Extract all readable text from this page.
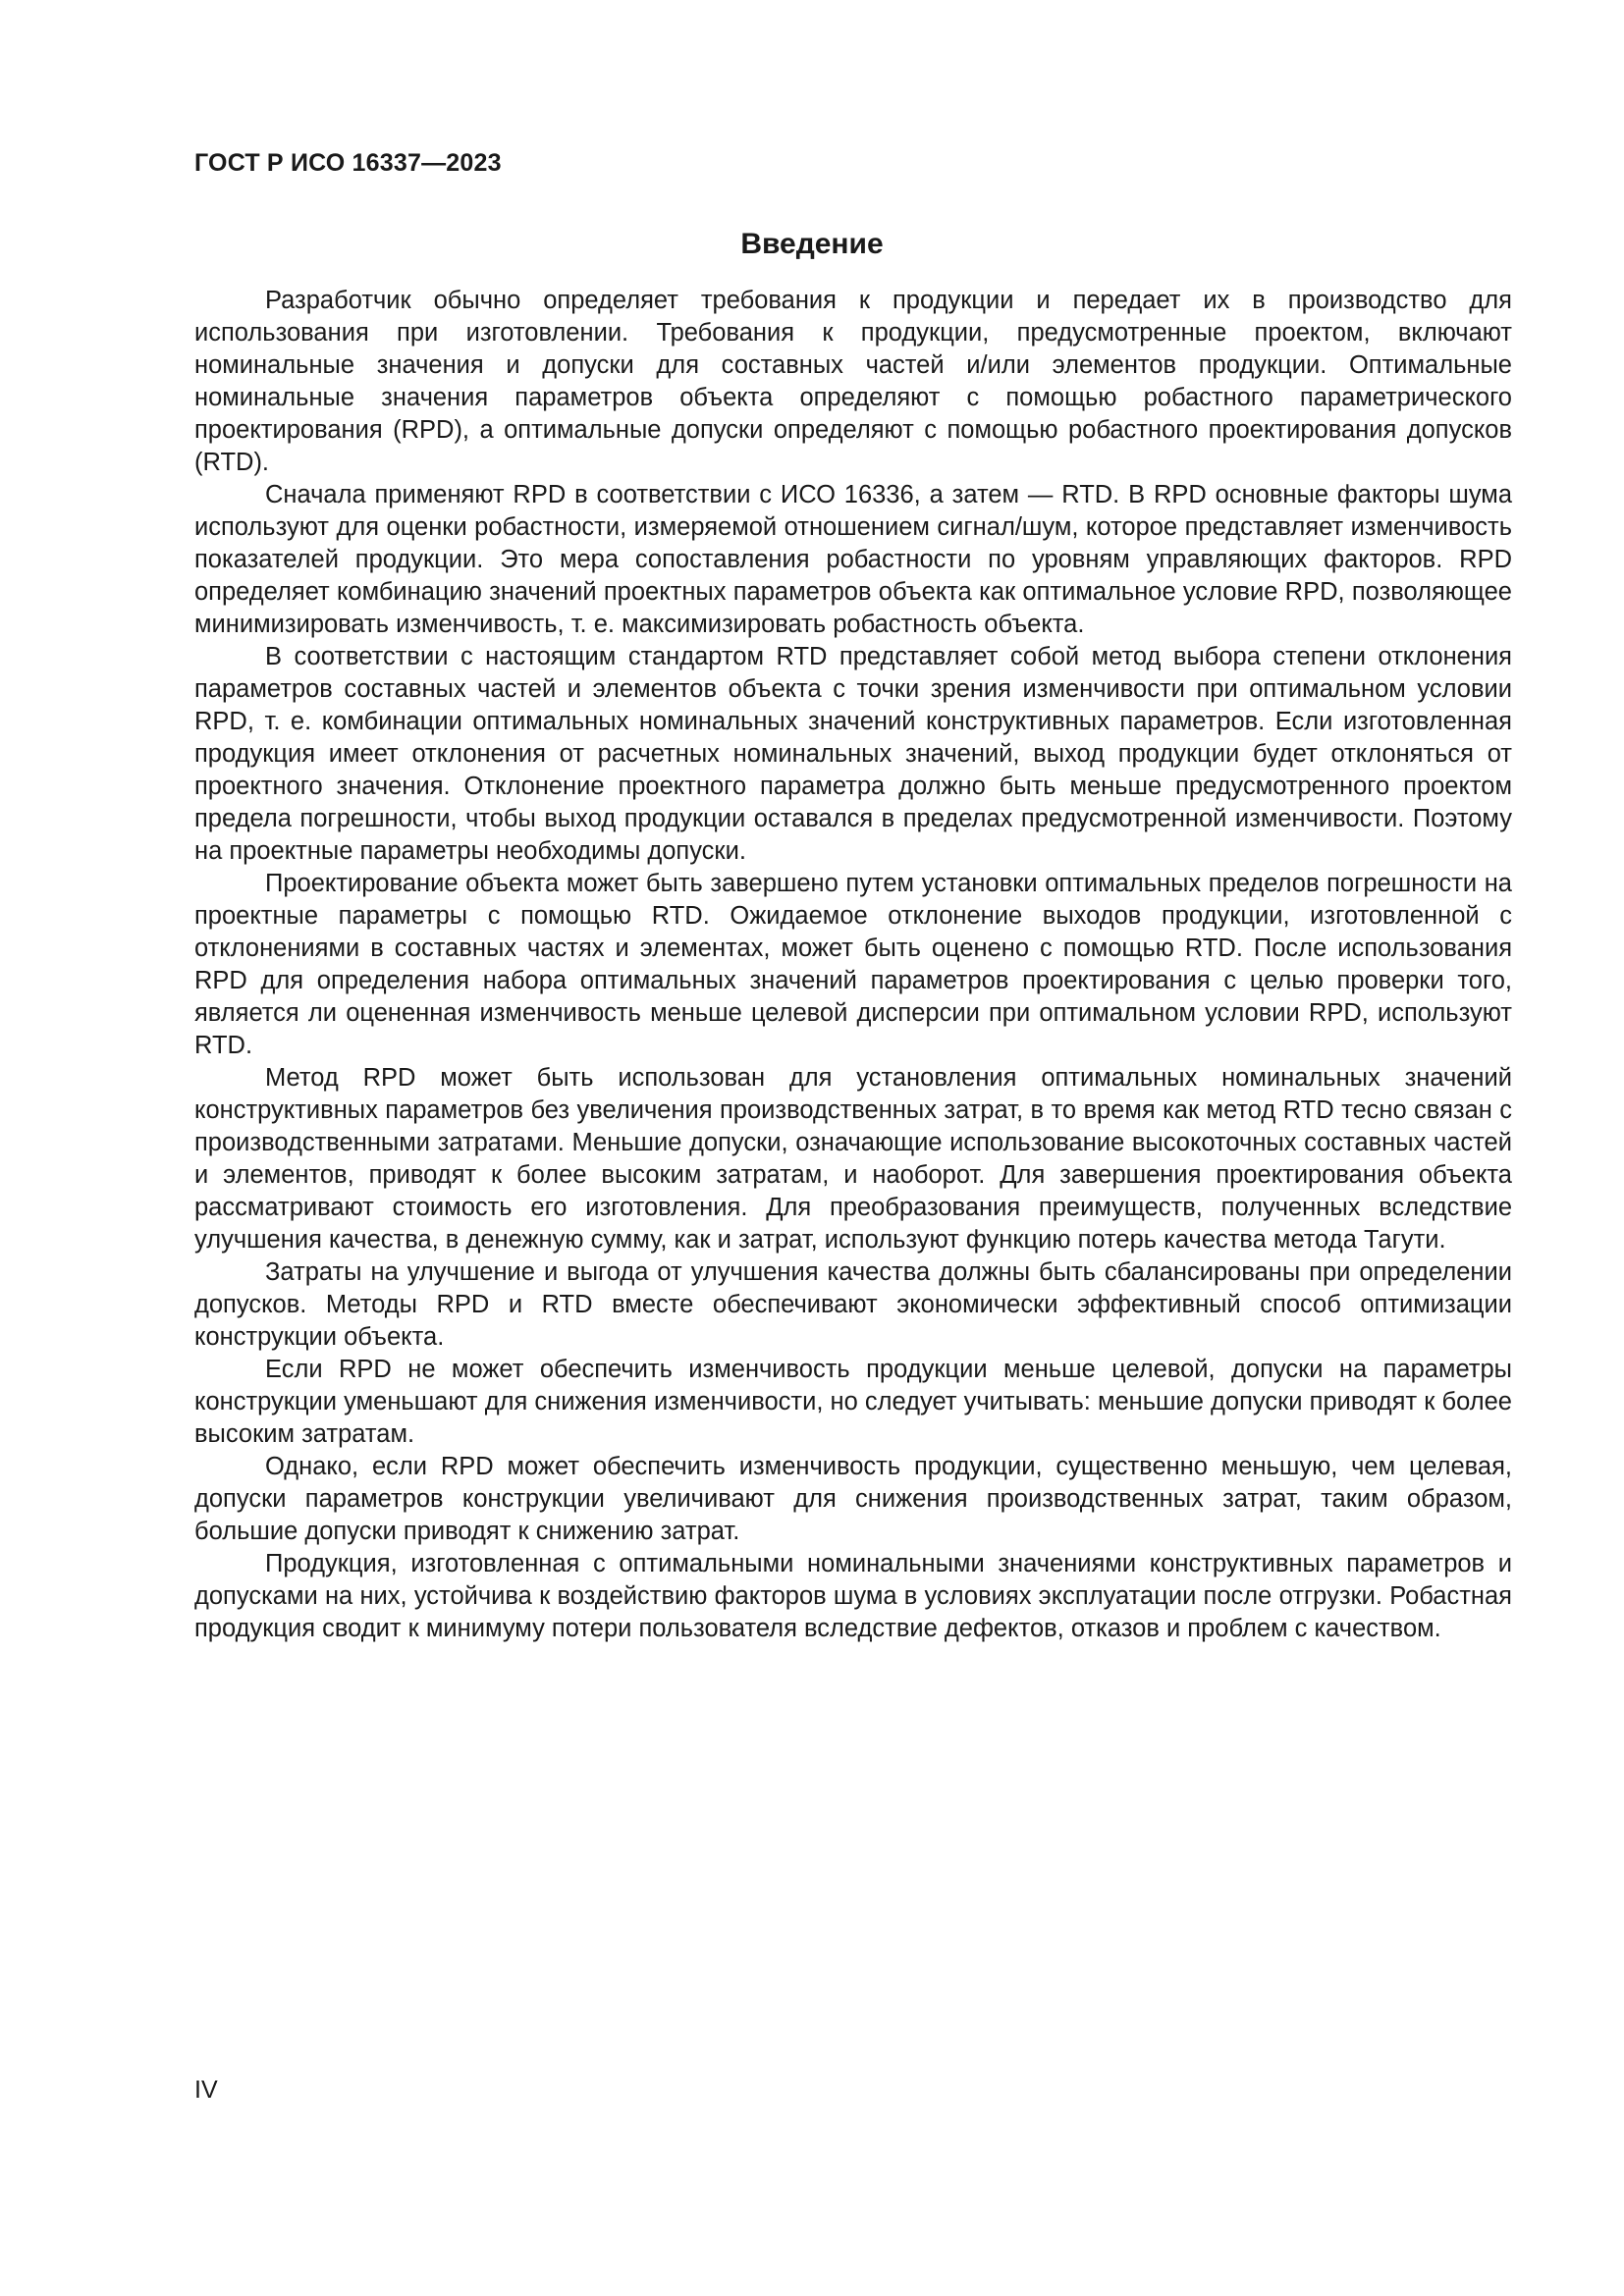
ГОСТ Р ИСО 16337—2023
Введение

Разработчик обычно определяет требования к продукции и передает их в производство для использования при изготовлении. Требования к продукции, предусмотренные проектом, включают номинальные значения и допуски для составных частей и/или элементов продукции. Оптимальные номинальные значения параметров объекта определяют с помощью робастного параметрического проектирования (RPD), а оптимальные допуски определяют с помощью робастного проектирования допусков (RTD).

Сначала применяют RPD в соответствии с ИСО 16336, а затем — RTD. В RPD основные факторы шума используют для оценки робастности, измеряемой отношением сигнал/шум, которое представляет изменчивость показателей продукции. Это мера сопоставления робастности по уровням управляющих факторов. RPD определяет комбинацию значений проектных параметров объекта как оптимальное условие RPD, позволяющее минимизировать изменчивость, т. е. максимизировать робастность объекта.

В соответствии с настоящим стандартом RTD представляет собой метод выбора степени отклонения параметров составных частей и элементов объекта с точки зрения изменчивости при оптимальном условии RPD, т. е. комбинации оптимальных номинальных значений конструктивных параметров. Если изготовленная продукция имеет отклонения от расчетных номинальных значений, выход продукции будет отклоняться от проектного значения. Отклонение проектного параметра должно быть меньше предусмотренного проектом предела погрешности, чтобы выход продукции оставался в пределах предусмотренной изменчивости. Поэтому на проектные параметры необходимы допуски.

Проектирование объекта может быть завершено путем установки оптимальных пределов погрешности на проектные параметры с помощью RTD. Ожидаемое отклонение выходов продукции, изготовленной с отклонениями в составных частях и элементах, может быть оценено с помощью RTD. После использования RPD для определения набора оптимальных значений параметров проектирования с целью проверки того, является ли оцененная изменчивость меньше целевой дисперсии при оптимальном условии RPD, используют RTD.

Метод RPD может быть использован для установления оптимальных номинальных значений конструктивных параметров без увеличения производственных затрат, в то время как метод RTD тесно связан с производственными затратами. Меньшие допуски, означающие использование высокоточных составных частей и элементов, приводят к более высоким затратам, и наоборот. Для завершения проектирования объекта рассматривают стоимость его изготовления. Для преобразования преимуществ, полученных вследствие улучшения качества, в денежную сумму, как и затрат, используют функцию потерь качества метода Тагути.

Затраты на улучшение и выгода от улучшения качества должны быть сбалансированы при определении допусков. Методы RPD и RTD вместе обеспечивают экономически эффективный способ оптимизации конструкции объекта.

Если RPD не может обеспечить изменчивость продукции меньше целевой, допуски на параметры конструкции уменьшают для снижения изменчивости, но следует учитывать: меньшие допуски приводят к более высоким затратам.

Однако, если RPD может обеспечить изменчивость продукции, существенно меньшую, чем целевая, допуски параметров конструкции увеличивают для снижения производственных затрат, таким образом, большие допуски приводят к снижению затрат.

Продукция, изготовленная с оптимальными номинальными значениями конструктивных параметров и допусками на них, устойчива к воздействию факторов шума в условиях эксплуатации после отгрузки. Робастная продукция сводит к минимуму потери пользователя вследствие дефектов, отказов и проблем с качеством.

IV
